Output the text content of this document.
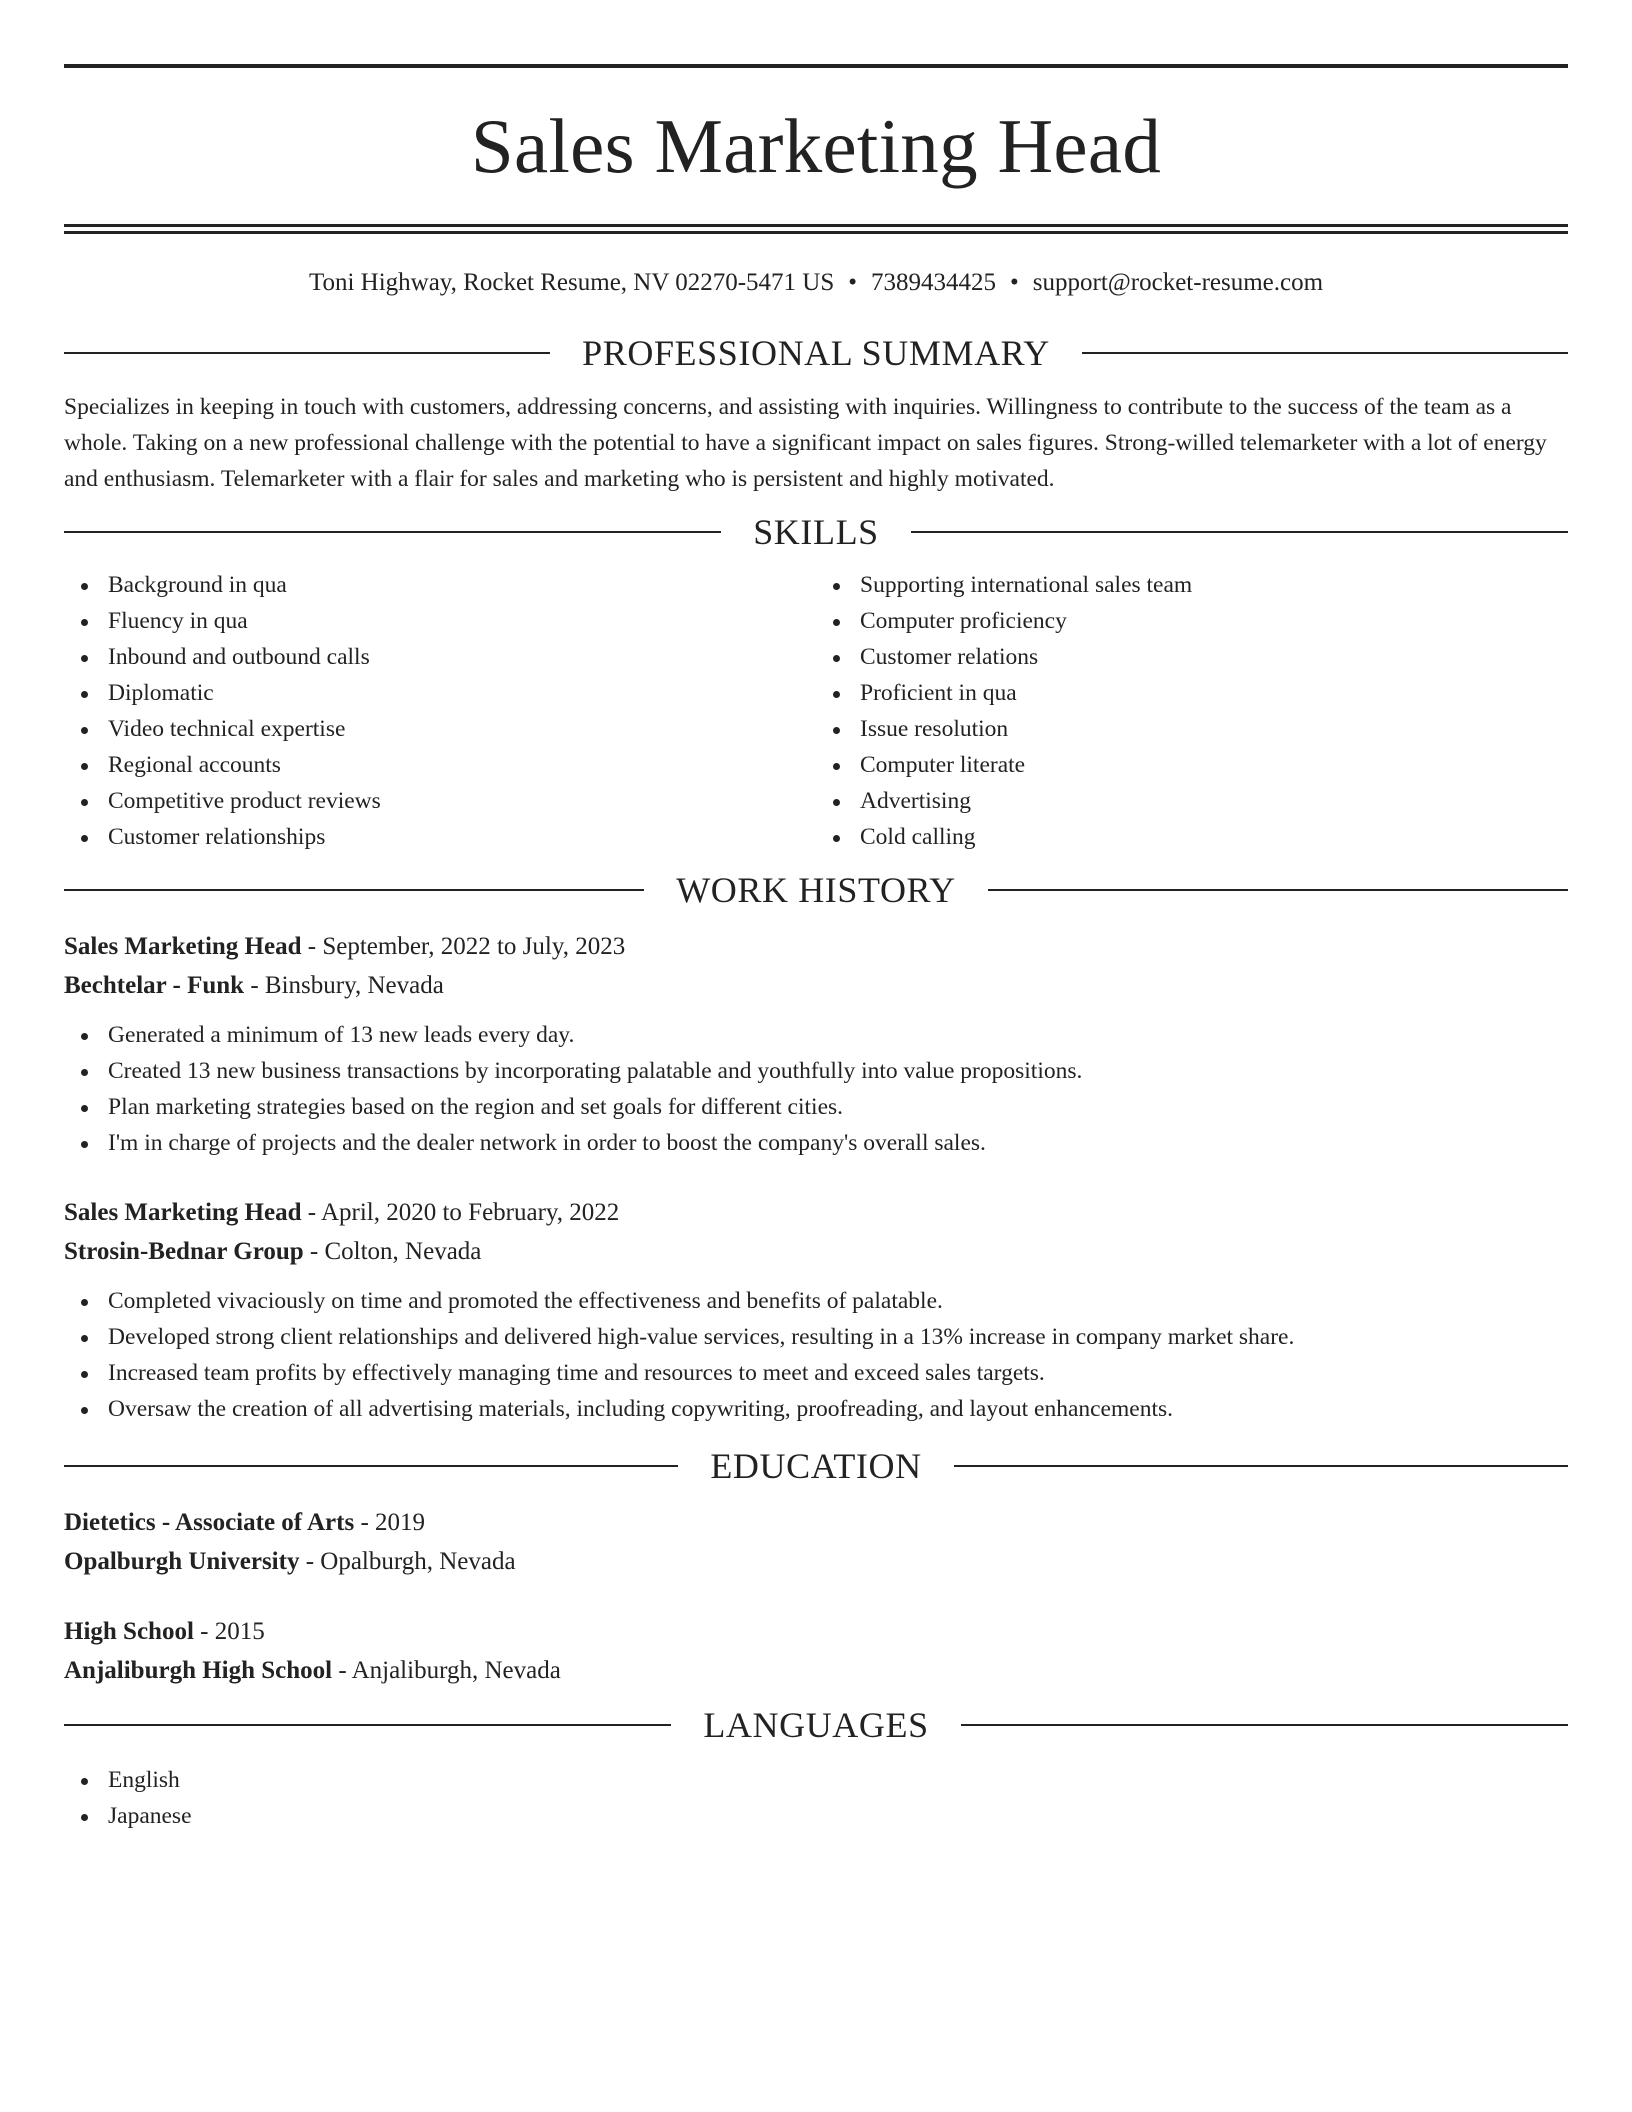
Sales Marketing Head
Toni Highway, Rocket Resume, NV 02270-5471 US • 7389434425 • support@rocket-resume.com
PROFESSIONAL SUMMARY

Specializes in keeping in touch with customers, addressing concerns, and assisting with inquiries. Willingness to contribute to the success of the team as a whole. Taking on a new professional challenge with the potential to have a significant impact on sales figures. Strong-willed telemarketer with a lot of energy and enthusiasm. Telemarketer with a flair for sales and marketing who is persistent and highly motivated.

SKILLS
Background in qua
Fluency in qua
Inbound and outbound calls
Diplomatic
Video technical expertise
Regional accounts
Competitive product reviews
Customer relationships
Supporting international sales team
Computer proficiency
Customer relations
Proficient in qua
Issue resolution
Computer literate
Advertising
Cold calling
WORK HISTORY
Sales Marketing Head - September, 2022 to July, 2023
Bechtelar - Funk - Binsbury, Nevada
Generated a minimum of 13 new leads every day.
Created 13 new business transactions by incorporating palatable and youthfully into value propositions.
Plan marketing strategies based on the region and set goals for different cities.
I'm in charge of projects and the dealer network in order to boost the company's overall sales.
Sales Marketing Head - April, 2020 to February, 2022
Strosin-Bednar Group - Colton, Nevada
Completed vivaciously on time and promoted the effectiveness and benefits of palatable.
Developed strong client relationships and delivered high-value services, resulting in a 13% increase in company market share.
Increased team profits by effectively managing time and resources to meet and exceed sales targets.
Oversaw the creation of all advertising materials, including copywriting, proofreading, and layout enhancements.
EDUCATION
Dietetics - Associate of Arts - 2019
Opalburgh University - Opalburgh, Nevada
High School - 2015
Anjaliburgh High School - Anjaliburgh, Nevada
LANGUAGES
English
Japanese
